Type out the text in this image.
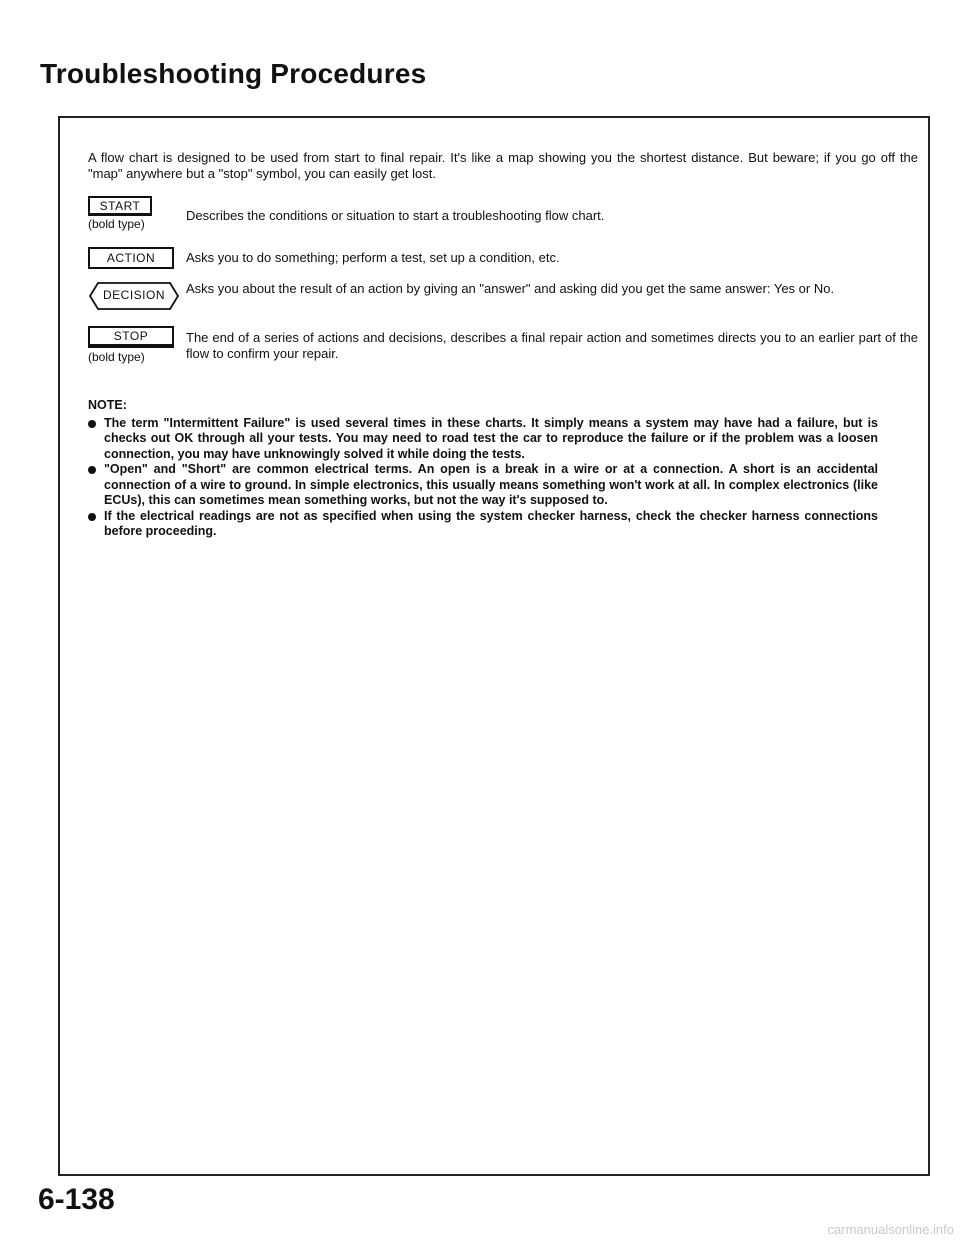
Troubleshooting Procedures
A flow chart is designed to be used from start to final repair. It's like a map showing you the shortest distance. But beware; if you go off the "map" anywhere but a "stop" symbol, you can easily get lost.
START
(bold type)
Describes the conditions or situation to start a troubleshooting flow chart.
ACTION	Asks you to do something; perform a test, set up a condition, etc.
DECISION	Asks you about the result of an action by giving an "answer" and asking did you get the same answer: Yes or No.
STOP
(bold type)
The end of a series of actions and decisions, describes a final repair action and sometimes directs you to an earlier part of the flow to confirm your repair.
NOTE:
The term "Intermittent Failure" is used several times in these charts. It simply means a system may have had a failure, but is checks out OK through all your tests. You may need to road test the car to reproduce the failure or if the problem was a loosen connection, you may have unknowingly solved it while doing the tests.
"Open" and "Short" are common electrical terms. An open is a break in a wire or at a connection. A short is an accidental connection of a wire to ground. In simple electronics, this usually means something won't work at all. In complex electronics (like ECUs), this can sometimes mean something works, but not the way it's supposed to.
If the electrical readings are not as specified when using the system checker harness, check the checker harness connections before proceeding.
6-138
carmanualsonline.info
